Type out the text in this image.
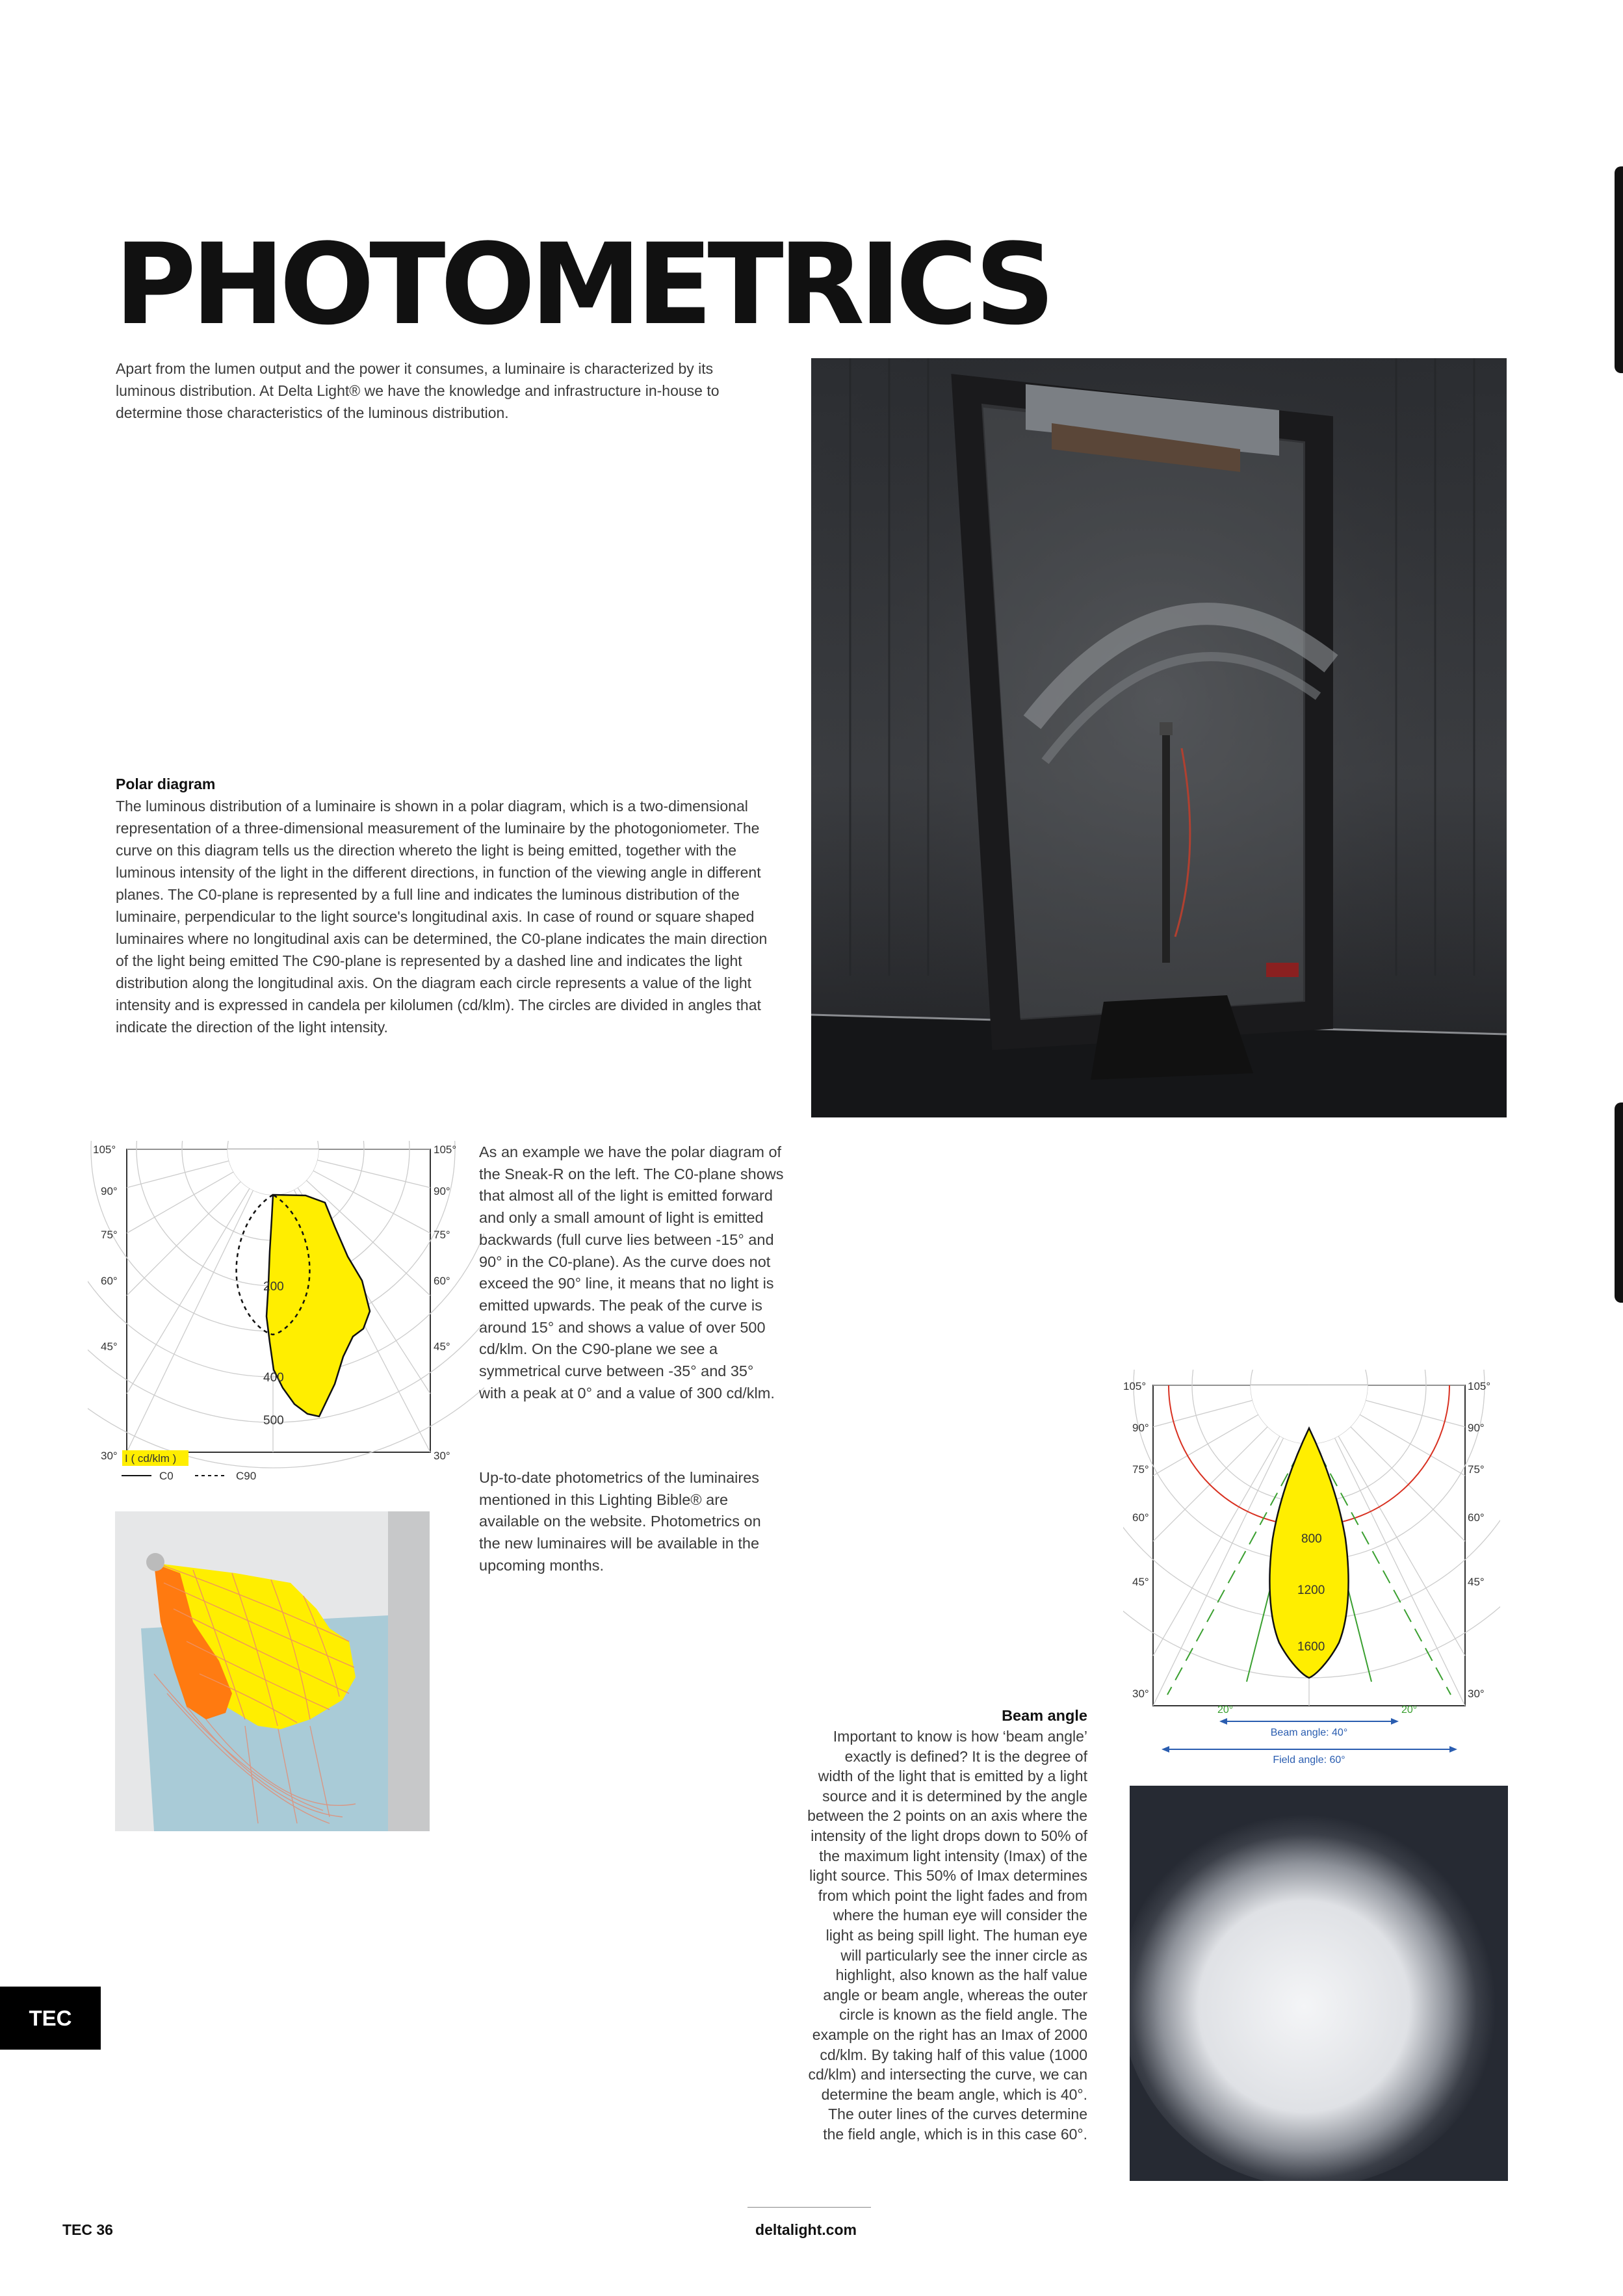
PHOTOMETRICS

Apart from the lumen output and the power it consumes, a luminaire is characterized by its luminous distribution. At Delta Light® we have the knowledge and infrastructure in-house to determine those characteristics of the luminous distribution.

Polar diagram

The luminous distribution of a luminaire is shown in a polar diagram, which is a two-dimensional representation of a three-dimensional measurement of the luminaire by the photogoniometer. The curve on this diagram tells us the direction whereto the light is being emitted, together with the luminous intensity of the light in the different directions, in function of the viewing angle in different planes. The C0-plane is represented by a full line and indicates the luminous distribution of the luminaire, perpendicular to the light source's longitudinal axis. In case of round or square shaped luminaires where no longitudinal axis can be determined, the C0-plane indicates the main direction of the light being emitted The C90-plane is represented by a dashed line and indicates the light distribution along the longitudinal axis. On the diagram each circle represents a value of the light intensity and is expressed in candela per kilolumen (cd/klm). The circles are divided in angles that indicate the direction of the light intensity.

105°	105°
90°	90°
75°	75°
60°	60°
45°	45°
30°	30°
200
400
500
I ( cd/klm )
C0	C90

As an example we have the polar diagram of the Sneak-R on the left. The C0-plane shows that almost all of the light is emitted forward and only a small amount of light is emitted backwards (full curve lies between -15° and 90° in the C0-plane). As the curve does not exceed the 90° line, it means that no light is emitted upwards. The peak of the curve is around 15° and shows a value of over 500 cd/klm. On the C90-plane we see a symmetrical curve between -35° and 35° with a peak at 0° and a value of 300 cd/klm.

Up-to-date photometrics of the luminaires mentioned in this Lighting Bible® are available on the website. Photometrics on the new luminaires will be available in the upcoming months.

105°	105°
90°	90°
75°	75°
60°	60°
45°	45°
30°	30°
800
1200
1600
20°	20°
Beam angle: 40°
Field angle: 60°

Beam angle

Important to know is how ‘beam angle’ exactly is defined? It is the degree of width of the light that is emitted by a light source and it is determined by the angle between the 2 points on an axis where the intensity of the light drops down to 50% of the maximum light intensity (Imax) of the light source. This 50% of Imax determines from which point the light fades and from where the human eye will consider the light as being spill light. The human eye will particularly see the inner circle as highlight, also known as the half value angle or beam angle, whereas the outer circle is known as the field angle. The example on the right has an Imax of 2000 cd/klm. By taking half of this value (1000 cd/klm) and intersecting the curve, we can determine the beam angle, which is 40°. The outer lines of the curves determine the field angle, which is in this case 60°.

TEC
TEC 36	deltalight.com
